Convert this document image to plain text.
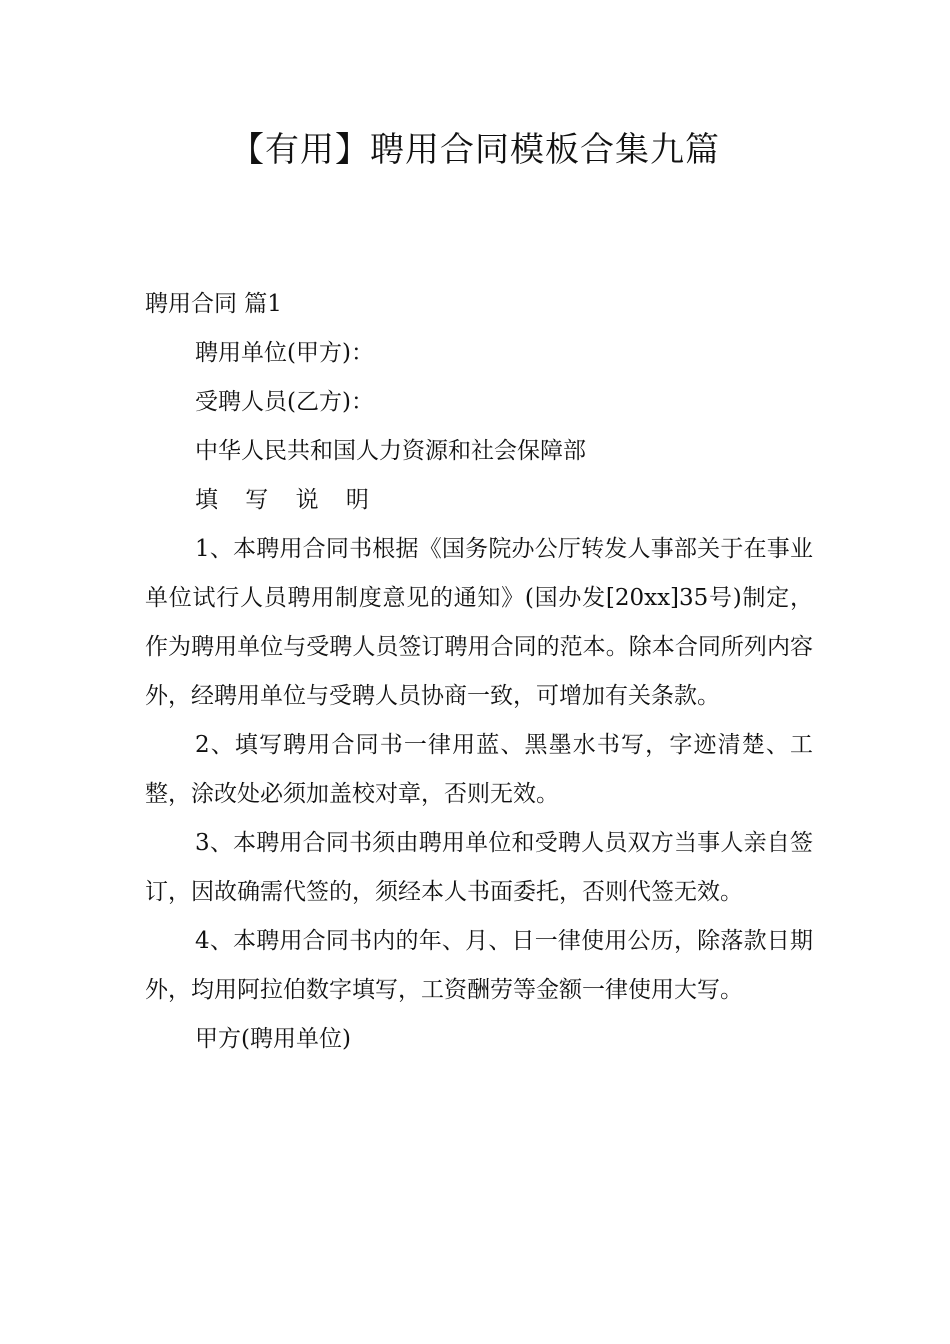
【有用】聘用合同模板合集九篇

聘用合同 篇1

聘用单位(甲方)：

受聘人员(乙方)：

中华人民共和国人力资源和社会保障部

填 写 说 明

1、本聘用合同书根据《国务院办公厅转发人事部关于在事业单位试行人员聘用制度意见的通知》(国办发[20xx]35号)制定，作为聘用单位与受聘人员签订聘用合同的范本。除本合同所列内容外，经聘用单位与受聘人员协商一致，可增加有关条款。

2、填写聘用合同书一律用蓝、黑墨水书写，字迹清楚、工整，涂改处必须加盖校对章，否则无效。

3、本聘用合同书须由聘用单位和受聘人员双方当事人亲自签订，因故确需代签的，须经本人书面委托，否则代签无效。

4、本聘用合同书内的年、月、日一律使用公历，除落款日期外，均用阿拉伯数字填写，工资酬劳等金额一律使用大写。

甲方(聘用单位)
